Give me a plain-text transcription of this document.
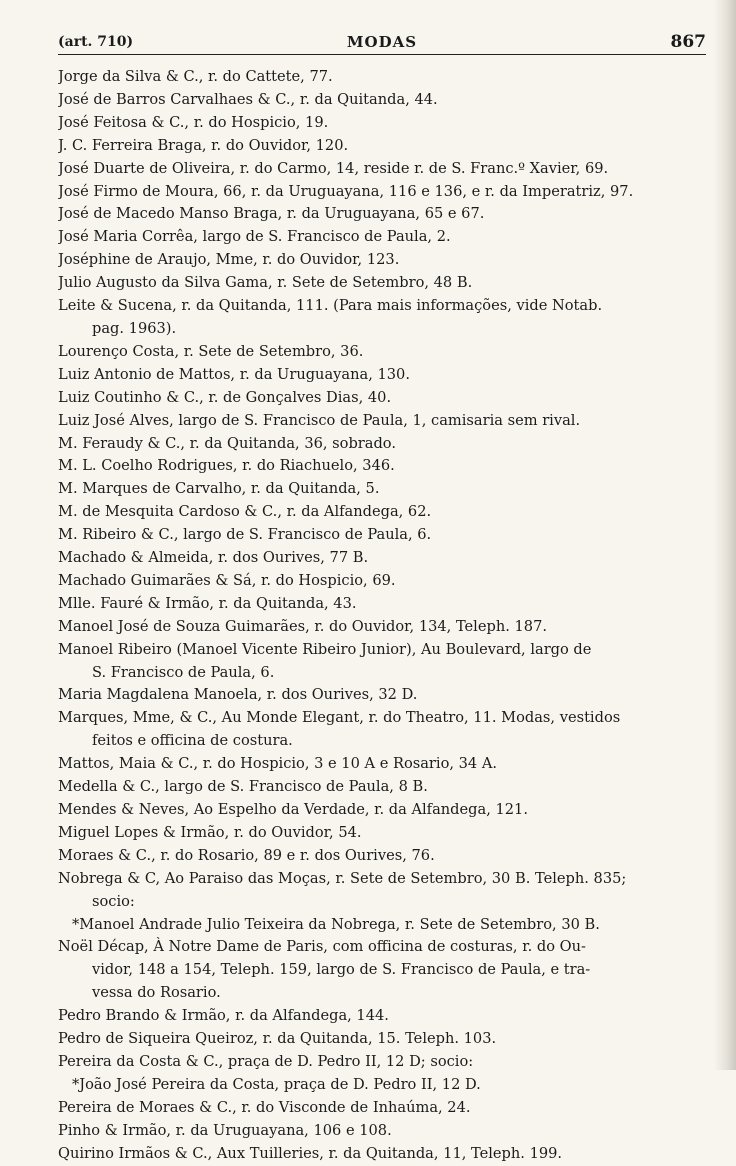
(art. 710)	MODAS	867
Jorge da Silva & C., r. do Cattete, 77.
José de Barros Carvalhaes & C., r. da Quitanda, 44.
José Feitosa & C., r. do Hospicio, 19.
J. C. Ferreira Braga, r. do Ouvidor, 120.
José Duarte de Oliveira, r. do Carmo, 14, reside r. de S. Franc.º Xavier, 69.
José Firmo de Moura, 66, r. da Uruguayana, 116 e 136, e r. da Imperatriz, 97.
José de Macedo Manso Braga, r. da Uruguayana, 65 e 67.
José Maria Corrêa, largo de S. Francisco de Paula, 2.
Joséphine de Araujo, Mme, r. do Ouvidor, 123.
Julio Augusto da Silva Gama, r. Sete de Setembro, 48 B.
Leite & Sucena, r. da Quitanda, 111. (Para mais informações, vide Notab.
pag. 1963).
Lourenço Costa, r. Sete de Setembro, 36.
Luiz Antonio de Mattos, r. da Uruguayana, 130.
Luiz Coutinho & C., r. de Gonçalves Dias, 40.
Luiz José Alves, largo de S. Francisco de Paula, 1, camisaria sem rival.
M. Feraudy & C., r. da Quitanda, 36, sobrado.
M. L. Coelho Rodrigues, r. do Riachuelo, 346.
M. Marques de Carvalho, r. da Quitanda, 5.
M. de Mesquita Cardoso & C., r. da Alfandega, 62.
M. Ribeiro & C., largo de S. Francisco de Paula, 6.
Machado & Almeida, r. dos Ourives, 77 B.
Machado Guimarães & Sá, r. do Hospicio, 69.
Mlle. Fauré & Irmão, r. da Quitanda, 43.
Manoel José de Souza Guimarães, r. do Ouvidor, 134, Teleph. 187.
Manoel Ribeiro (Manoel Vicente Ribeiro Junior), Au Boulevard, largo de
S. Francisco de Paula, 6.
Maria Magdalena Manoela, r. dos Ourives, 32 D.
Marques, Mme, & C., Au Monde Elegant, r. do Theatro, 11. Modas, vestidos
feitos e officina de costura.
Mattos, Maia & C., r. do Hospicio, 3 e 10 A e Rosario, 34 A.
Medella & C., largo de S. Francisco de Paula, 8 B.
Mendes & Neves, Ao Espelho da Verdade, r. da Alfandega, 121.
Miguel Lopes & Irmão, r. do Ouvidor, 54.
Moraes & C., r. do Rosario, 89 e r. dos Ourives, 76.
Nobrega & C, Ao Paraiso das Moças, r. Sete de Setembro, 30 B. Teleph. 835;
socio:
*Manoel Andrade Julio Teixeira da Nobrega, r. Sete de Setembro, 30 B.
Noël Décap, À Notre Dame de Paris, com officina de costuras, r. do Ou-
vidor, 148 a 154, Teleph. 159, largo de S. Francisco de Paula, e tra-
vessa do Rosario.
Pedro Brando & Irmão, r. da Alfandega, 144.
Pedro de Siqueira Queiroz, r. da Quitanda, 15. Teleph. 103.
Pereira da Costa & C., praça de D. Pedro II, 12 D; socio:
*João José Pereira da Costa, praça de D. Pedro II, 12 D.
Pereira de Moraes & C., r. do Visconde de Inhaúma, 24.
Pinho & Irmão, r. da Uruguayana, 106 e 108.
Quirino Irmãos & C., Aux Tuilleries, r. da Quitanda, 11, Teleph. 199.
